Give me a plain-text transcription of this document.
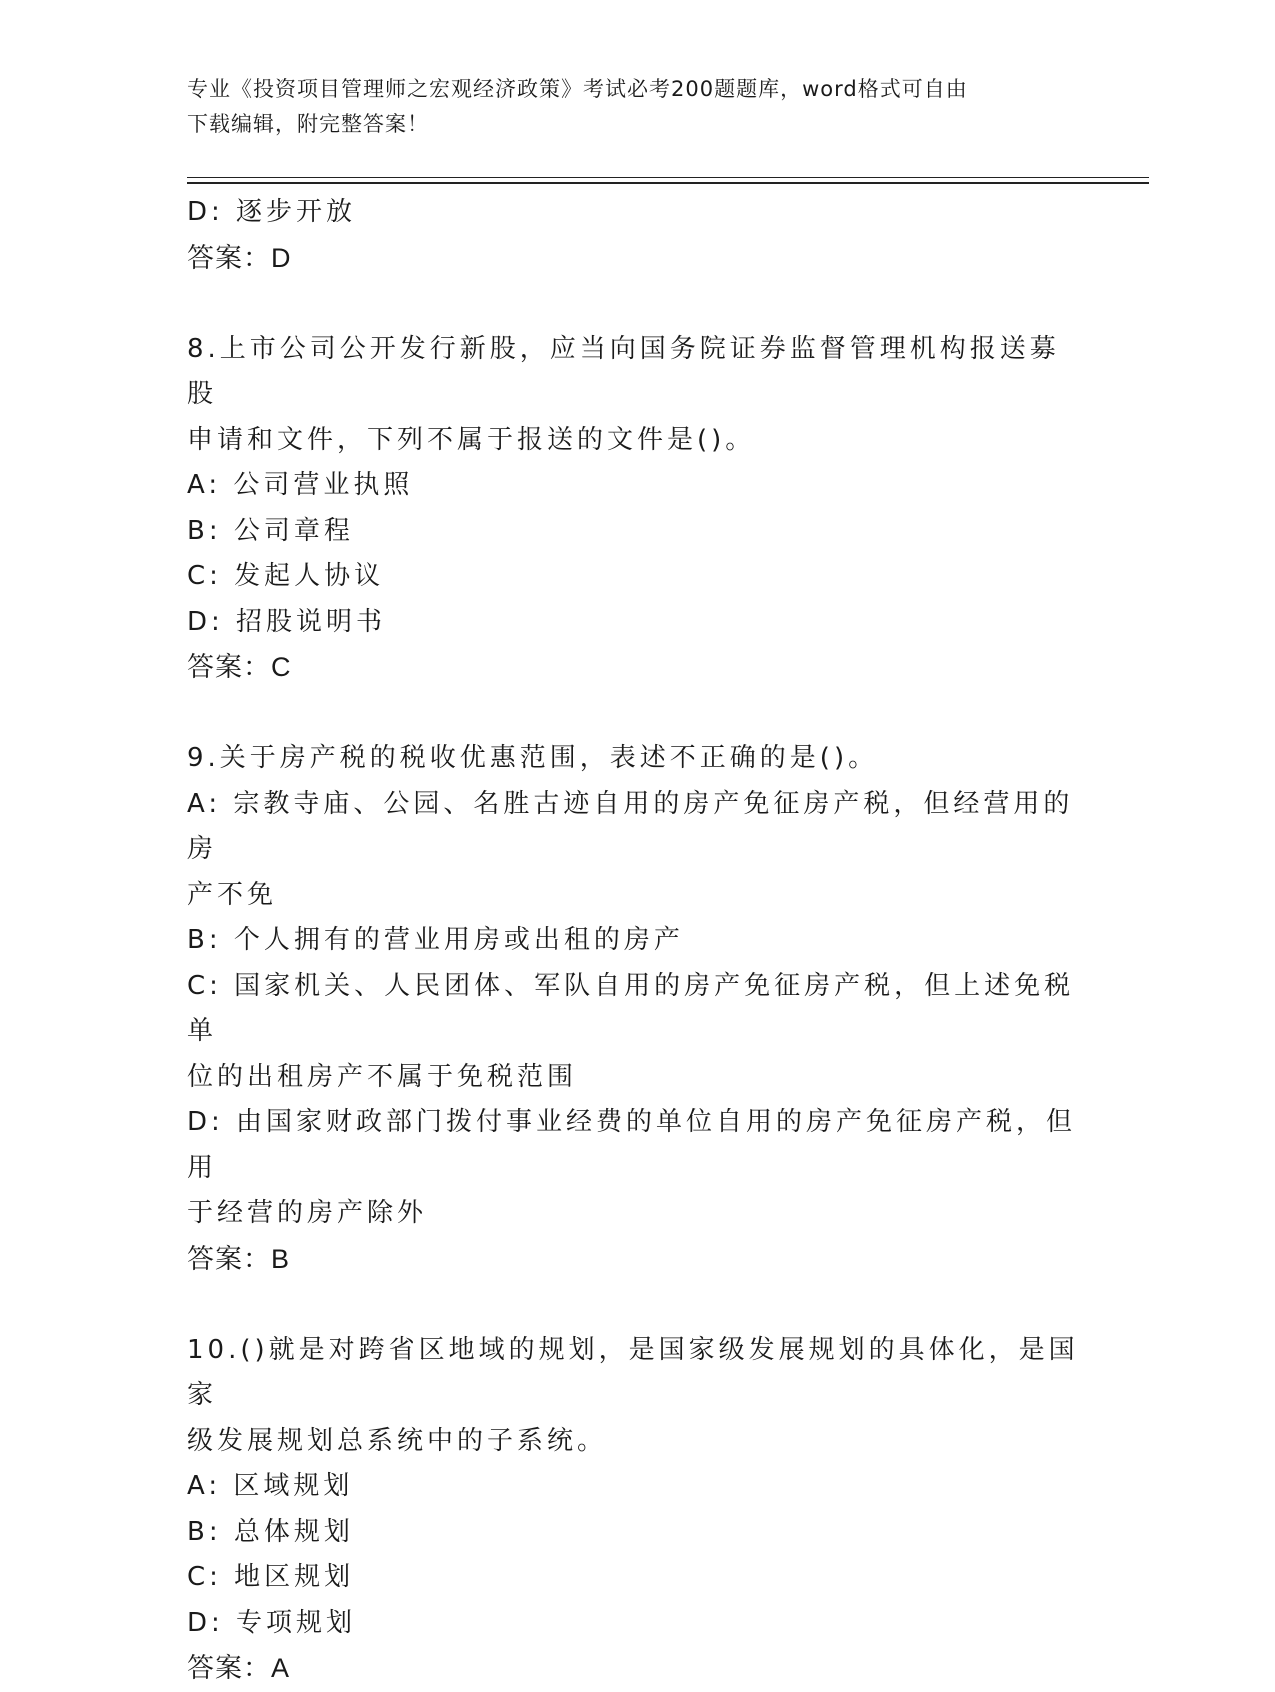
专业《投资项目管理师之宏观经济政策》考试必考200题题库，word格式可自由
下载编辑，附完整答案！
D: 逐步开放
答案：D
8.上市公司公开发行新股，应当向国务院证券监督管理机构报送募股
申请和文件，下列不属于报送的文件是()。
A: 公司营业执照
B: 公司章程
C: 发起人协议
D: 招股说明书
答案：C
9.关于房产税的税收优惠范围，表述不正确的是()。
A: 宗教寺庙、公园、名胜古迹自用的房产免征房产税，但经营用的房
产不免
B: 个人拥有的营业用房或出租的房产
C: 国家机关、人民团体、军队自用的房产免征房产税，但上述免税单
位的出租房产不属于免税范围
D: 由国家财政部门拨付事业经费的单位自用的房产免征房产税，但用
于经营的房产除外
答案：B
10.()就是对跨省区地域的规划，是国家级发展规划的具体化，是国家
级发展规划总系统中的子系统。
A: 区域规划
B: 总体规划
C: 地区规划
D: 专项规划
答案：A
